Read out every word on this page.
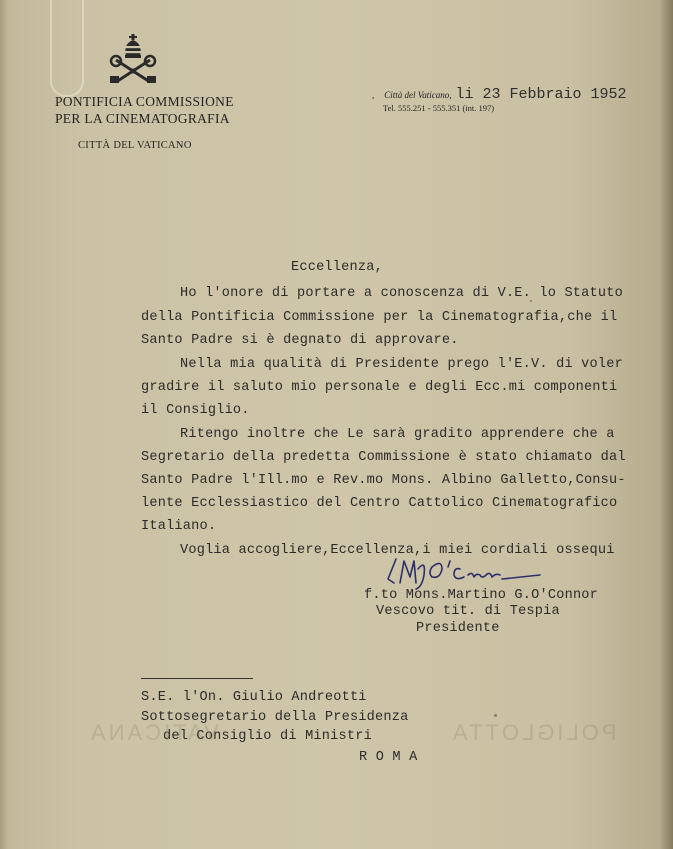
PONTIFICIA COMMISSIONE
PER LA CINEMATOGRAFIA
CITTÀ DEL VATICANO
, Città del Vaticano, li 23 Febbraio 1952
Tel. 555.251 - 555.351 (int. 197)
Eccellenza,
Ho l'onore di portare a conoscenza di V.E. lo Statuto
della Pontificia Commissione per la Cinematografia,che il
Santo Padre si è degnato di approvare.
Nella mia qualità di Presidente prego l'E.V. di voler
gradire il saluto mio personale e degli Ecc.mi componenti
il Consiglio.
Ritengo inoltre che Le sarà gradito apprendere che a
Segretario della predetta Commissione è stato chiamato dal
Santo Padre l'Ill.mo e Rev.mo Mons. Albino Galletto,Consu-
lente Ecclessiastico del Centro Cattolico Cinematografico
Italiano.
Voglia accogliere,Eccellenza,i miei cordiali ossequi
f.to Mons.Martino G.O'Connor
Vescovo tit. di Tespia
Presidente
S.E. l'On. Giulio Andreotti
Sottosegretario della Presidenza
del Consiglio di Ministri
R O M A
VATICANA	POLIGLOTTA
